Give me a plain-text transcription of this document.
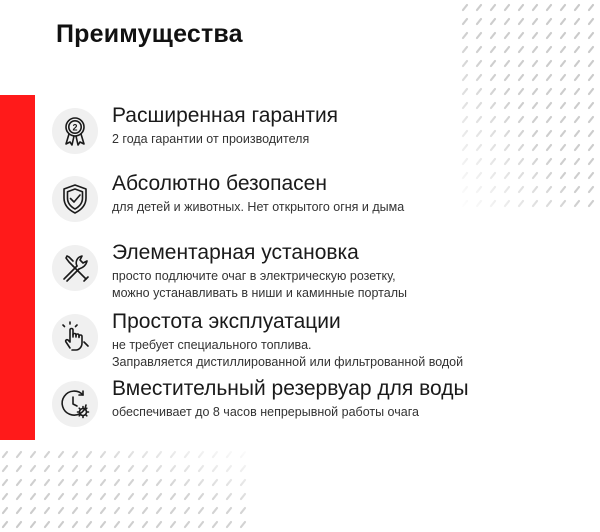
Преимущества
2
Расширенная гарантия
2 года гарантии от производителя
Абсолютно безопасен
для детей и животных. Нет открытого огня и дыма
Элементарная установка
просто подлючите очаг в электрическую розетку,
можно устанавливать в ниши и каминные порталы
Простота эксплуатации
не требует специального топлива.
Заправляется дистиллированной или фильтрованной водой
Вместительный резервуар для воды
обеспечивает до 8 часов непрерывной работы очага
